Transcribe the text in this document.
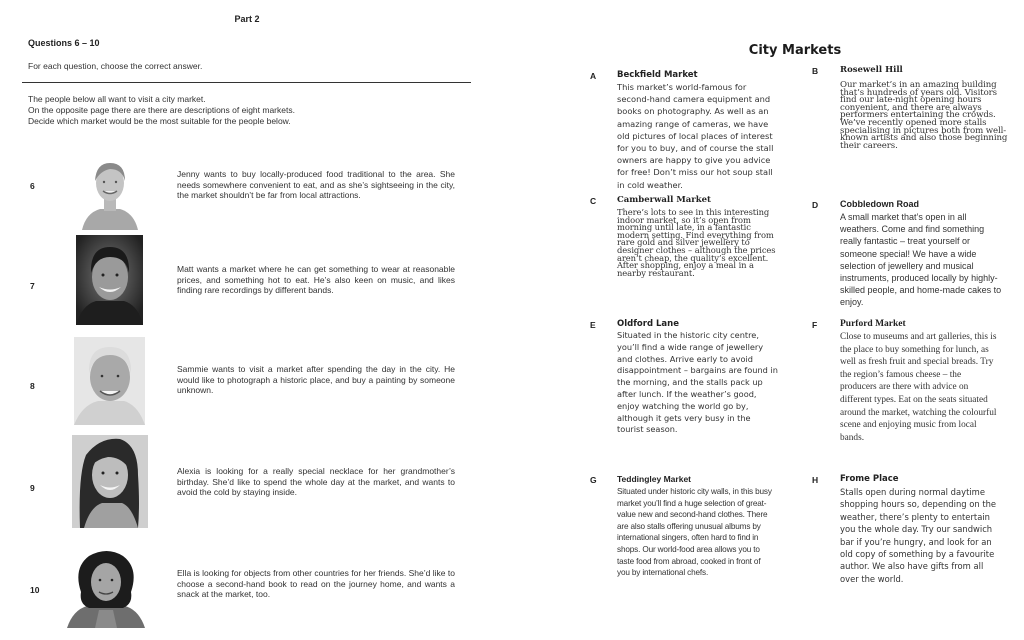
Part 2
Questions 6 – 10
For each question, choose the correct answer.
The people below all want to visit a city market.
On the opposite page there are there are descriptions of eight markets.
Decide which market would be the most suitable for the people below.
6
Jenny wants to buy locally-produced food traditional to the area. She needs somewhere convenient to eat, and as she’s sightseeing in the city, the market shouldn’t be far from local attractions.
7
Matt wants a market where he can get something to wear at reasonable prices, and something hot to eat. He’s also keen on music, and likes finding rare recordings by different bands.
8
Sammie wants to visit a market after spending the day in the city. He would like to photograph a historic place, and buy a painting by someone unknown.
9
Alexia is looking for a really special necklace for her grandmother’s birthday. She’d like to spend the whole day at the market, and wants to avoid the cold by staying inside.
10
Ella is looking for objects from other countries for her friends. She’d like to choose a second-hand book to read on the journey home, and wants a snack at the market, too.
City Markets
A Beckfield Market
This market’s world-famous for second-hand camera equipment and books on photography. As well as an amazing range of cameras, we have old pictures of local places of interest for you to buy, and of course the stall owners are happy to give you advice for free! Don’t miss our hot soup stall in cold weather.
B	Rosewell Hill
Our market’s in an amazing building that’s hundreds of years old. Visitors find our late-night opening hours convenient, and there are always performers entertaining the crowds. We’ve recently opened more stalls specialising in pictures both from well-known artists and also those beginning their careers.
C Camberwall Market
There’s lots to see in this interesting indoor market, so it’s open from morning until late, in a fantastic modern setting. Find everything from rare gold and silver jewellery to designer clothes – although the prices aren’t cheap, the quality’s excellent. After shopping, enjoy a meal in a nearby restaurant.
D Cobbledown Road
A small market that’s open in all weathers. Come and find something really fantastic – treat yourself or someone special! We have a wide selection of jewellery and musical instruments, produced locally by highly-skilled people, and home-made cakes to enjoy.
E	Oldford Lane
Situated in the historic city centre, you’ll find a wide range of jewellery and clothes. Arrive early to avoid disappointment – bargains are found in the morning, and the stalls pack up after lunch. If the weather’s good, enjoy watching the world go by, although it gets very busy in the tourist season.
F Purford Market
Close to museums and art galleries, this is the place to buy something for lunch, as well as fresh fruit and special breads. Try the region’s famous cheese – the producers are there with advice on different types. Eat on the seats situated around the market, watching the colourful scene and enjoying music from local bands.
G Teddingley Market
Situated under historic city walls, in this busy market you’ll find a huge selection of great-value new and second-hand clothes. There are also stalls offering unusual albums by international singers, often hard to find in shops. Our world-food area allows you to taste food from abroad, cooked in front of you by international chefs.
H	Frome Place
Stalls open during normal daytime shopping hours so, depending on the weather, there’s plenty to entertain you the whole day. Try our sandwich bar if you’re hungry, and look for an old copy of something by a favourite author. We also have gifts from all over the world.
